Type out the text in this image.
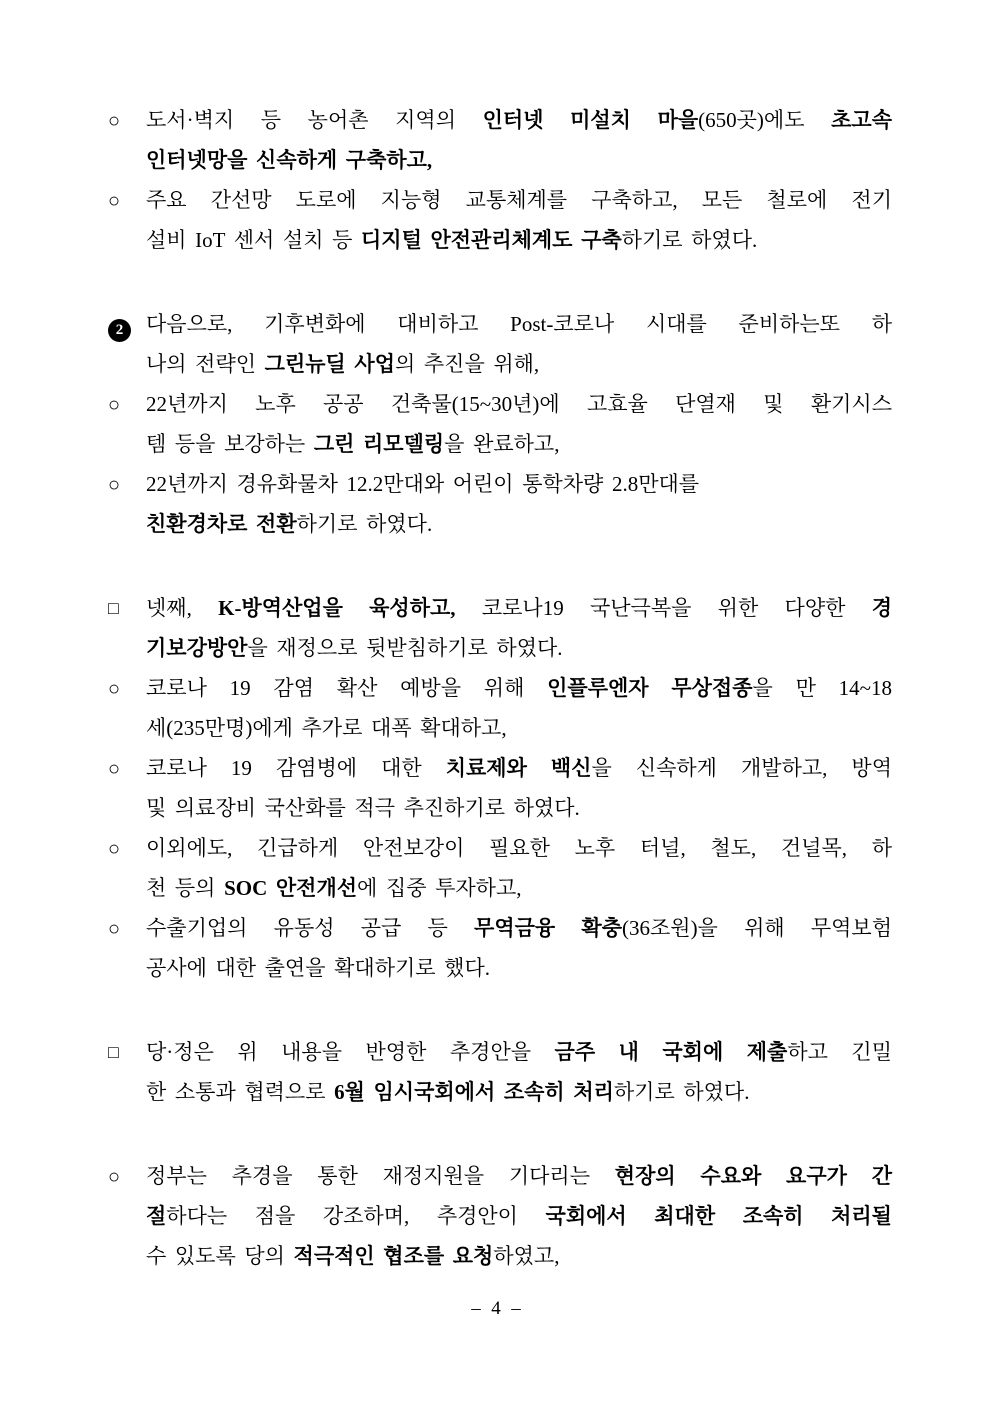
○	도서·벽지 등 농어촌 지역의 인터넷 미설치 마을(650곳)에도 초고속
인터넷망을 신속하게 구축하고,
○	주요 간선망 도로에 지능형 교통체계를 구축하고, 모든 철로에 전기
설비 IoT 센서 설치 등 디지털 안전관리체계도 구축하기로 하였다.
2	다음으로, 기후변화에 대비하고 Post-코로나 시대를 준비하는또 하
나의 전략인 그린뉴딜 사업의 추진을 위해,
○	22년까지 노후 공공 건축물(15~30년)에 고효율 단열재 및 환기시스
템 등을 보강하는 그린 리모델링을 완료하고,
○	22년까지 경유화물차 12.2만대와 어린이 통학차량 2.8만대를
친환경차로 전환하기로 하였다.
□	넷째, K-방역산업을 육성하고, 코로나19 국난극복을 위한 다양한 경
기보강방안을 재정으로 뒷받침하기로 하였다.
○	코로나 19 감염 확산 예방을 위해 인플루엔자 무상접종을 만 14~18
세(235만명)에게 추가로 대폭 확대하고,
○	코로나 19 감염병에 대한 치료제와 백신을 신속하게 개발하고, 방역
및 의료장비 국산화를 적극 추진하기로 하였다.
○	이외에도, 긴급하게 안전보강이 필요한 노후 터널, 철도, 건널목, 하
천 등의 SOC 안전개선에 집중 투자하고,
○	수출기업의 유동성 공급 등 무역금융 확충(36조원)을 위해 무역보험
공사에 대한 출연을 확대하기로 했다.
□	당·정은 위 내용을 반영한 추경안을 금주 내 국회에 제출하고 긴밀
한 소통과 협력으로 6월 임시국회에서 조속히 처리하기로 하였다.
○	정부는 추경을 통한 재정지원을 기다리는 현장의 수요와 요구가 간
절하다는 점을 강조하며, 추경안이 국회에서 최대한 조속히 처리될
수 있도록 당의 적극적인 협조를 요청하였고,
– 4 –
